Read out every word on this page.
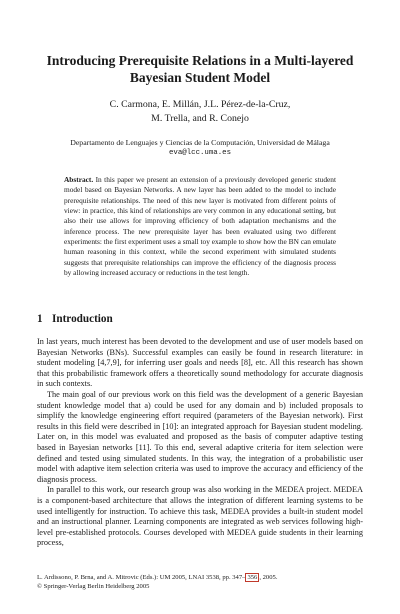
Introducing Prerequisite Relations in a Multi-layered
Bayesian Student Model
C. Carmona, E. Millán, J.L. Pérez-de-la-Cruz,
M. Trella, and R. Conejo
Departamento de Lenguajes y Ciencias de la Computación, Universidad de Málaga
eva@lcc.uma.es
Abstract. In this paper we present an extension of a previously developed generic student model based on Bayesian Networks. A new layer has been added to the model to include prerequisite relationships. The need of this new layer is motivated from different points of view: in practice, this kind of relationships are very common in any educational setting, but also their use allows for improving efficiency of both adaptation mechanisms and the inference process. The new prerequisite layer has been evaluated using two different experiments: the first experiment uses a small toy example to show how the BN can emulate human reasoning in this context, while the second experiment with simulated students suggests that prerequisite relationships can improve the efficiency of the diagnosis process by allowing increased accuracy or reductions in the test length.
1 Introduction

In last years, much interest has been devoted to the development and use of user models based on Bayesian Networks (BNs). Successful examples can easily be found in research literature: in student modeling [4,7,9], for inferring user goals and needs [8], etc. All this research has shown that this probabilistic framework offers a theoretically sound methodology for accurate diagnosis in such contexts.

The main goal of our previous work on this field was the development of a generic Bayesian student knowledge model that a) could be used for any domain and b) included proposals to simplify the knowledge engineering effort required (parameters of the Bayesian network). First results in this field were described in [10]: an integrated approach for Bayesian student modeling. Later on, in this model was evaluated and proposed as the basis of computer adaptive testing based in Bayesian networks [11]. To this end, several adaptive criteria for item selection were defined and tested using simulated students. In this way, the integration of a probabilistic user model with adaptive item selection criteria was used to improve the accuracy and efficiency of the diagnosis process.

In parallel to this work, our research group was also working in the MEDEA project. MEDEA is a component-based architecture that allows the integration of different learning systems to be used intelligently for instruction. To achieve this task, MEDEA provides a built-in student model and an instructional planner. Learning components are integrated as web services following high-level pre-established protocols. Courses developed with MEDEA guide students in their learning process,

L. Ardissono, P. Brna, and A. Mitrovic (Eds.): UM 2005, LNAI 3538, pp. 347– 356 , 2005.
© Springer-Verlag Berlin Heidelberg 2005
